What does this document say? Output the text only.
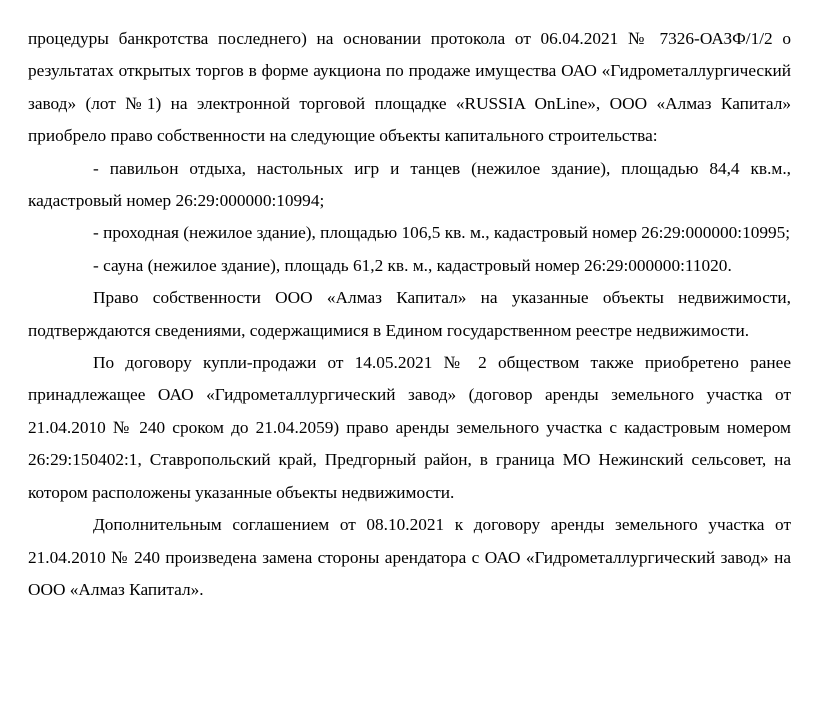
процедуры банкротства последнего) на основании протокола от 06.04.2021 № 7326-ОАЗФ/1/2 о результатах открытых торгов в форме аукциона по продаже имущества ОАО «Гидрометаллургический завод» (лот №1) на электронной торговой площадке «RUSSIA OnLine», ООО «Алмаз Капитал» приобрело право собственности на следующие объекты капитального строительства:

- павильон отдыха, настольных игр и танцев (нежилое здание), площадью 84,4 кв.м., кадастровый номер 26:29:000000:10994;

- проходная (нежилое здание), площадью 106,5 кв. м., кадастровый номер 26:29:000000:10995;

- сауна (нежилое здание), площадь 61,2 кв. м., кадастровый номер 26:29:000000:11020.

Право собственности ООО «Алмаз Капитал» на указанные объекты недвижимости, подтверждаются сведениями, содержащимися в Едином государственном реестре недвижимости.

По договору купли-продажи от 14.05.2021 № 2 обществом также приобретено ранее принадлежащее ОАО «Гидрометаллургический завод» (договор аренды земельного участка от 21.04.2010 № 240 сроком до 21.04.2059) право аренды земельного участка с кадастровым номером 26:29:150402:1, Ставропольский край, Предгорный район, в граница МО Нежинский сельсовет, на котором расположены указанные объекты недвижимости.

Дополнительным соглашением от 08.10.2021 к договору аренды земельного участка от 21.04.2010 № 240 произведена замена стороны арендатора с ОАО «Гидрометаллургический завод» на ООО «Алмаз Капитал».
